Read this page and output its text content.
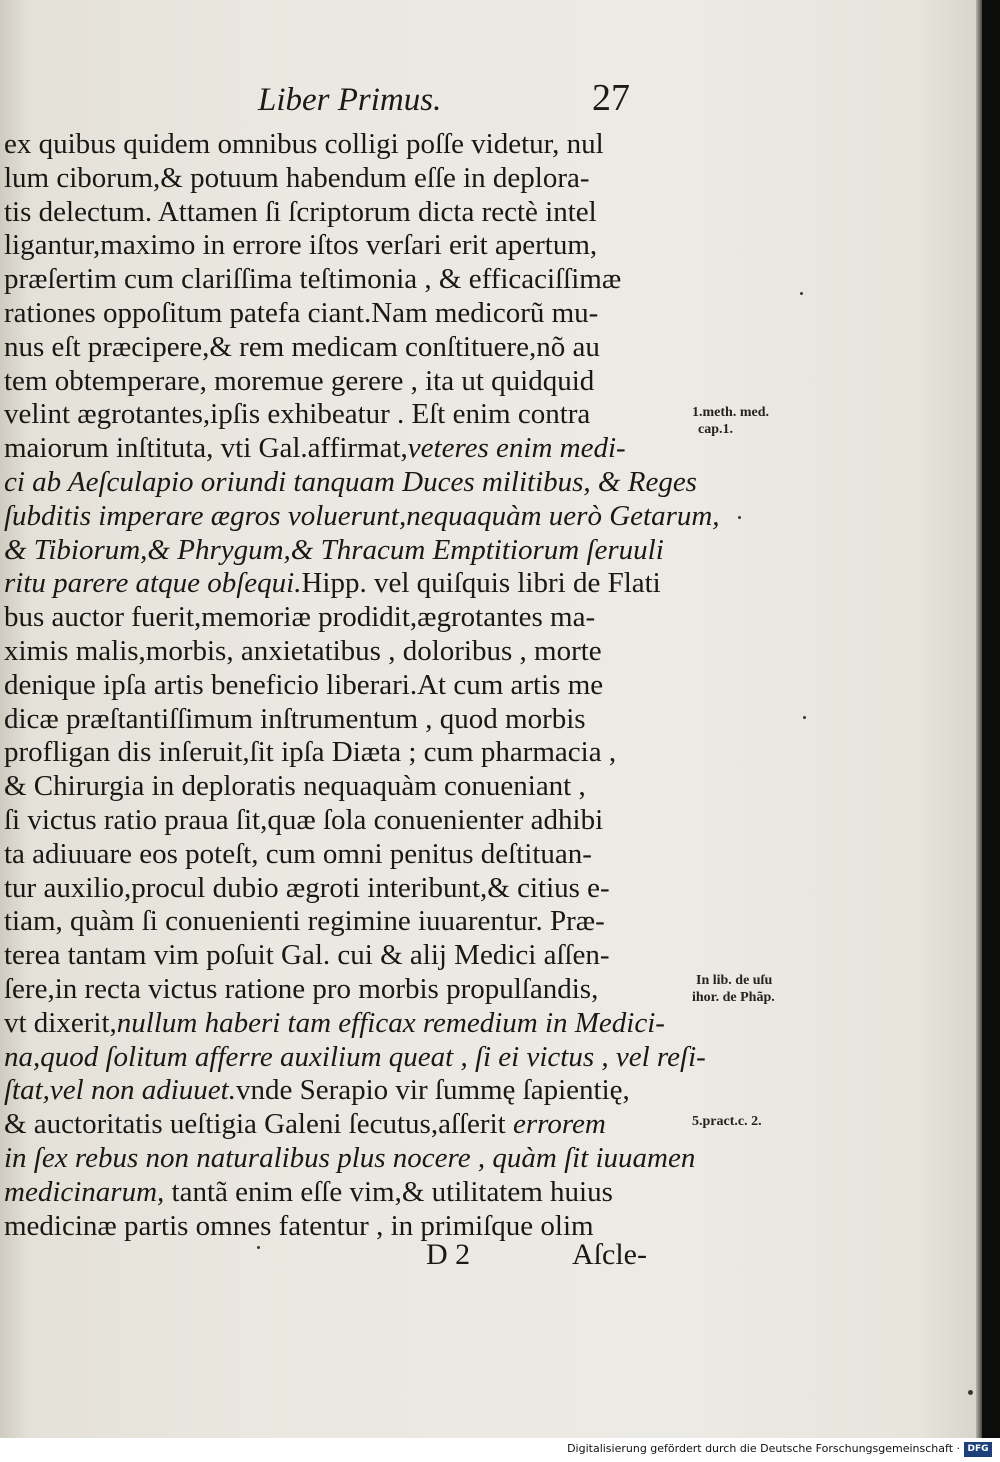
Liber Primus.	27
ex quibus quidem omnibus colligi poſſe videtur, nul
lum ciborum,& potuum habendum eſſe in deplora-
tis delectum. Attamen ſi ſcriptorum dicta rectè intel
ligantur,maximo in errore iſtos verſari erit apertum,
præſertim cum clariſſima teſtimonia , & efficaciſſimæ
rationes oppoſitum patefa ciant.Nam medicorũ mu-
nus eſt præcipere,& rem medicam conſtituere,nõ au
tem obtemperare, moremue gerere , ita ut quidquid
velint ægrotantes,ipſis exhibeatur . Eſt enim contra
maiorum inſtituta, vti Gal.affirmat,veteres enim medi-
ci ab Aeſculapio oriundi tanquam Duces militibus, & Reges
ſubditis imperare ægros voluerunt,nequaquàm uerò Getarum,
& Tibiorum,& Phrygum,& Thracum Emptitiorum ſeruuli
ritu parere atque obſequi.Hipp. vel quiſquis libri de Flati
bus auctor fuerit,memoriæ prodidit,ægrotantes ma-
ximis malis,morbis, anxietatibus , doloribus , morte
denique ipſa artis beneficio liberari.At cum artis me
dicæ præſtantiſſimum inſtrumentum , quod morbis
profligan dis inſeruit,ſit ipſa Diæta ; cum pharmacia ,
& Chirurgia in deploratis nequaquàm conueniant ,
ſi victus ratio praua ſit,quæ ſola conuenienter adhibi
ta adiuuare eos poteſt, cum omni penitus deſtituan-
tur auxilio,procul dubio ægroti interibunt,& citius e-
tiam, quàm ſi conuenienti regimine iuuarentur. Præ-
terea tantam vim poſuit Gal. cui & alij Medici aſſen-
ſere,in recta victus ratione pro morbis propulſandis,
vt dixerit,nullum haberi tam efficax remedium in Medici-
na,quod ſolitum afferre auxilium queat , ſi ei victus , vel reſi-
ſtat,vel non adiuuet.vnde Serapio vir ſummę ſapientię,
& auctoritatis ueſtigia Galeni ſecutus,aſſerit errorem
in ſex rebus non naturalibus plus nocere , quàm ſit iuuamen
medicinarum, tantã enim eſſe vim,& utilitatem huius
medicinæ partis omnes fatentur , in primiſque olim
1.meth. med.
cap.1.
In lib. de uſu
ihor. de Phãp.
5.pract.c. 2.
D 2	Aſcle-
Digitalisierung gefördert durch die Deutsche Forschungsgemeinschaft · DFG
